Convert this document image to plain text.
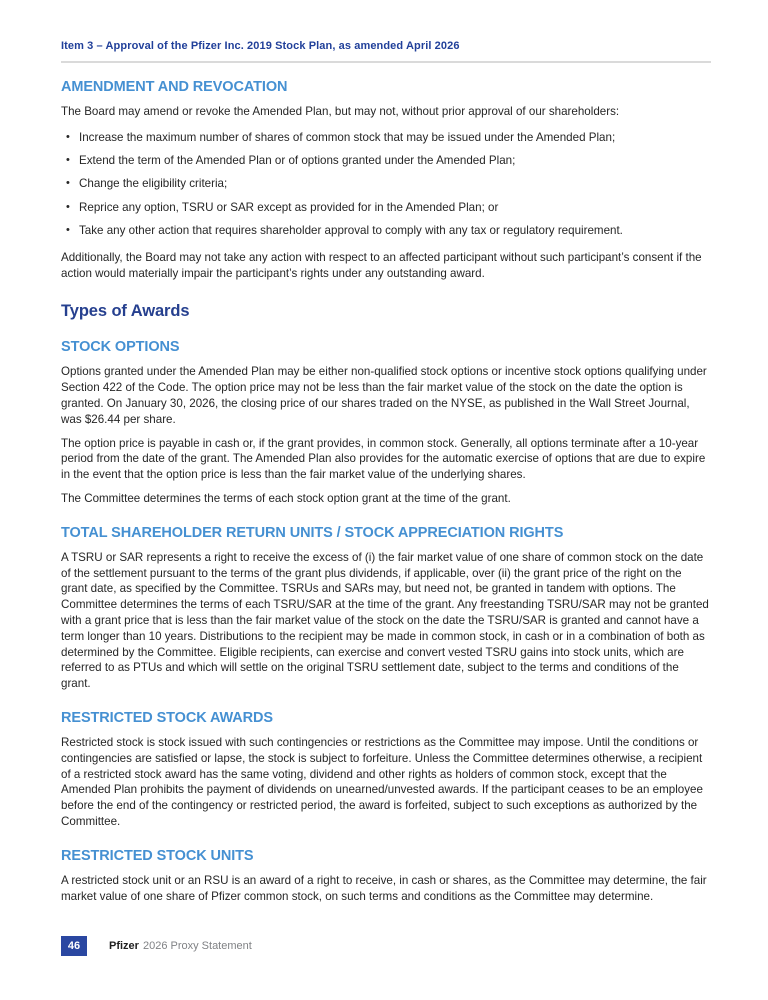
Item 3 – Approval of the Pfizer Inc. 2019 Stock Plan, as amended April 2026
AMENDMENT AND REVOCATION

The Board may amend or revoke the Amended Plan, but may not, without prior approval of our shareholders:

• Increase the maximum number of shares of common stock that may be issued under the Amended Plan;
• Extend the term of the Amended Plan or of options granted under the Amended Plan;
• Change the eligibility criteria;
• Reprice any option, TSRU or SAR except as provided for in the Amended Plan; or
• Take any other action that requires shareholder approval to comply with any tax or regulatory requirement.

Additionally, the Board may not take any action with respect to an affected participant without such participant’s consent if the action would materially impair the participant’s rights under any outstanding award.

Types of Awards
STOCK OPTIONS

Options granted under the Amended Plan may be either non-qualified stock options or incentive stock options qualifying under Section 422 of the Code. The option price may not be less than the fair market value of the stock on the date the option is granted. On January 30, 2026, the closing price of our shares traded on the NYSE, as published in the Wall Street Journal, was $26.44 per share.

The option price is payable in cash or, if the grant provides, in common stock. Generally, all options terminate after a 10-year period from the date of the grant. The Amended Plan also provides for the automatic exercise of options that are due to expire in the event that the option price is less than the fair market value of the underlying shares.

The Committee determines the terms of each stock option grant at the time of the grant.

TOTAL SHAREHOLDER RETURN UNITS / STOCK APPRECIATION RIGHTS

A TSRU or SAR represents a right to receive the excess of (i) the fair market value of one share of common stock on the date of the settlement pursuant to the terms of the grant plus dividends, if applicable, over (ii) the grant price of the right on the grant date, as specified by the Committee. TSRUs and SARs may, but need not, be granted in tandem with options. The Committee determines the terms of each TSRU/SAR at the time of the grant. Any freestanding TSRU/SAR may not be granted with a grant price that is less than the fair market value of the stock on the date the TSRU/SAR is granted and cannot have a term longer than 10 years. Distributions to the recipient may be made in common stock, in cash or in a combination of both as determined by the Committee. Eligible recipients, can exercise and convert vested TSRU gains into stock units, which are referred to as PTUs and which will settle on the original TSRU settlement date, subject to the terms and conditions of the grant.

RESTRICTED STOCK AWARDS

Restricted stock is stock issued with such contingencies or restrictions as the Committee may impose. Until the conditions or contingencies are satisfied or lapse, the stock is subject to forfeiture. Unless the Committee determines otherwise, a recipient of a restricted stock award has the same voting, dividend and other rights as holders of common stock, except that the Amended Plan prohibits the payment of dividends on unearned/unvested awards. If the participant ceases to be an employee before the end of the contingency or restricted period, the award is forfeited, subject to such exceptions as authorized by the Committee.

RESTRICTED STOCK UNITS

A restricted stock unit or an RSU is an award of a right to receive, in cash or shares, as the Committee may determine, the fair market value of one share of Pfizer common stock, on such terms and conditions as the Committee may determine.

46	Pfizer 2026 Proxy Statement
